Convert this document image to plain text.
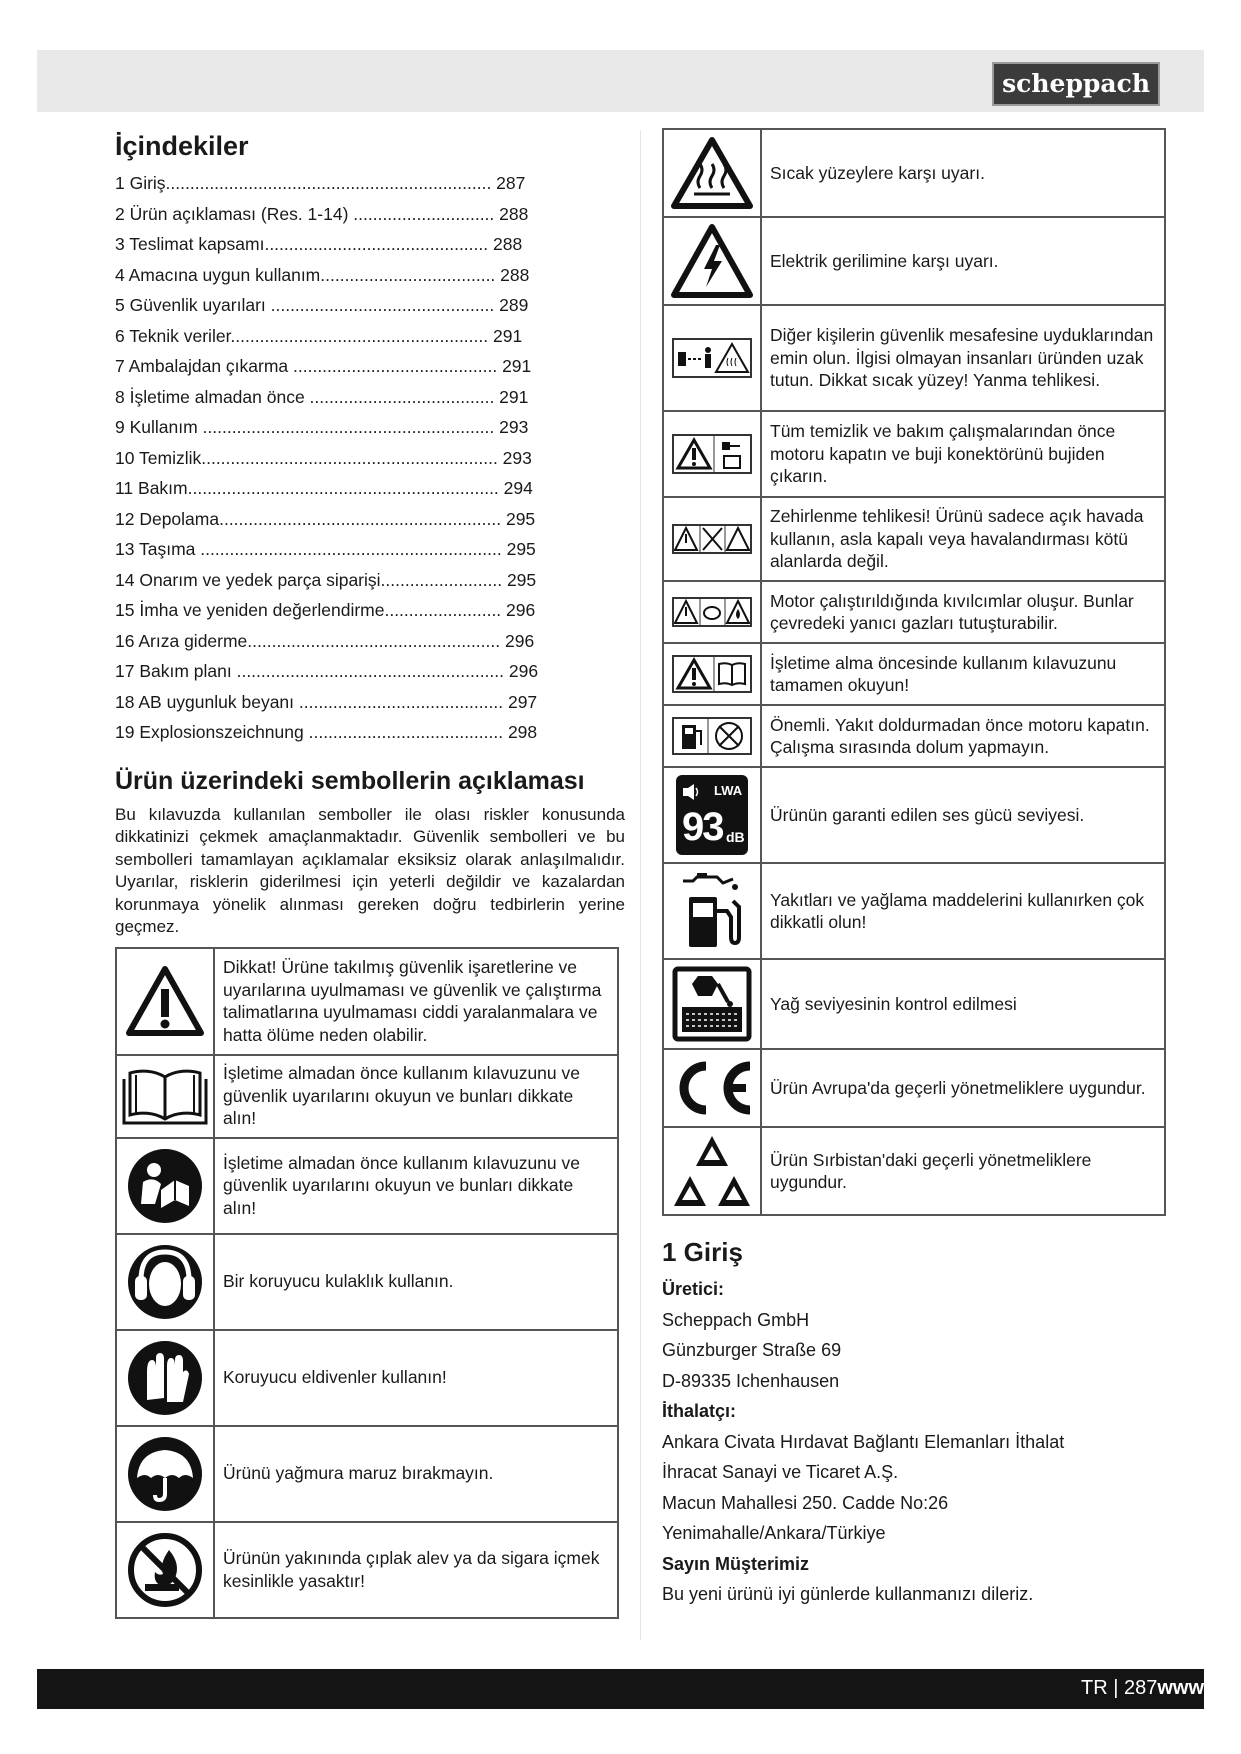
scheppach
İçindekiler
1 Giriş................................................................... 287
2 Ürün açıklaması (Res. 1-14) ............................. 288
3 Teslimat kapsamı.............................................. 288
4 Amacına uygun kullanım.................................... 288
5 Güvenlik uyarıları .............................................. 289
6 Teknik veriler..................................................... 291
7 Ambalajdan çıkarma .......................................... 291
8 İşletime almadan önce ...................................... 291
9 Kullanım ............................................................ 293
10 Temizlik............................................................. 293
11 Bakım................................................................ 294
12 Depolama.......................................................... 295
13 Taşıma .............................................................. 295
14 Onarım ve yedek parça siparişi......................... 295
15 İmha ve yeniden değerlendirme........................ 296
16 Arıza giderme.................................................... 296
17 Bakım planı ....................................................... 296
18 AB uygunluk beyanı .......................................... 297
19 Explosionszeichnung ........................................ 298
Ürün üzerindeki sembollerin açıklaması

Bu kılavuzda kullanılan semboller ile olası riskler konusunda dikkatinizi çekmek amaçlanmaktadır. Güvenlik sembolleri ve bu sembolleri tamamlayan açıklamalar eksiksiz olarak anlaşılmalıdır. Uyarılar, risklerin giderilmesi için yeterli değildir ve kazalardan korunmaya yönelik alınması gereken doğru tedbirlerin yerine geçmez.

	Dikkat! Ürüne takılmış güvenlik işaretlerine ve uyarılarına uyulmaması ve güvenlik ve çalıştırma talimatlarına uyulmaması ciddi yaralanmalara ve hatta ölüme neden olabilir.

	İşletime almadan önce kullanım kılavuzunu ve güvenlik uyarılarını okuyun ve bunları dikkate alın!

	İşletime almadan önce kullanım kılavuzunu ve güvenlik uyarılarını okuyun ve bunları dikkate alın!

	Bir koruyucu kulaklık kullanın.

	Koruyucu eldivenler kullanın!

	Ürünü yağmura maruz bırakmayın.

	Ürünün yakınında çıplak alev ya da sigara içmek kesinlikle yasaktır!
	Sıcak yüzeylere karşı uyarı.

	Elektrik gerilimine karşı uyarı.

	Diğer kişilerin güvenlik mesafesine uyduklarından emin olun. İlgisi olmayan insanları üründen uzak tutun. Dikkat sıcak yüzey! Yanma tehlikesi.

	Tüm temizlik ve bakım çalışmalarından önce motoru kapatın ve buji konektörünü bujiden çıkarın.

	Zehirlenme tehlikesi! Ürünü sadece açık havada kullanın, asla kapalı veya havalandırması kötü alanlarda değil.

	Motor çalıştırıldığında kıvılcımlar oluşur. Bunlar çevredeki yanıcı gazları tutuşturabilir.

	İşletime alma öncesinde kullanım kılavuzunu tamamen okuyun!

	Önemli. Yakıt doldurmadan önce motoru kapatın. Çalışma sırasında dolum yapmayın.

LWA
93 dB	Ürünün garanti edilen ses gücü seviyesi.

	Yakıtları ve yağlama maddelerini kullanırken çok dikkatli olun!

	Yağ seviyesinin kontrol edilmesi

	Ürün Avrupa'da geçerli yönetmeliklere uygundur.

	Ürün Sırbistan'daki geçerli yönetmeliklere uygundur.
1 Giriş
Üretici:
Scheppach GmbH
Günzburger Straße 69
D-89335 Ichenhausen
İthalatçı:
Ankara Civata Hırdavat Bağlantı Elemanları İthalat
İhracat Sanayi ve Ticaret A.Ş.
Macun Mahallesi 250. Cadde No:26
Yenimahalle/Ankara/Türkiye
Sayın Müşterimiz
Bu yeni ürünü iyi günlerde kullanmanızı dileriz.
TR | 287www
